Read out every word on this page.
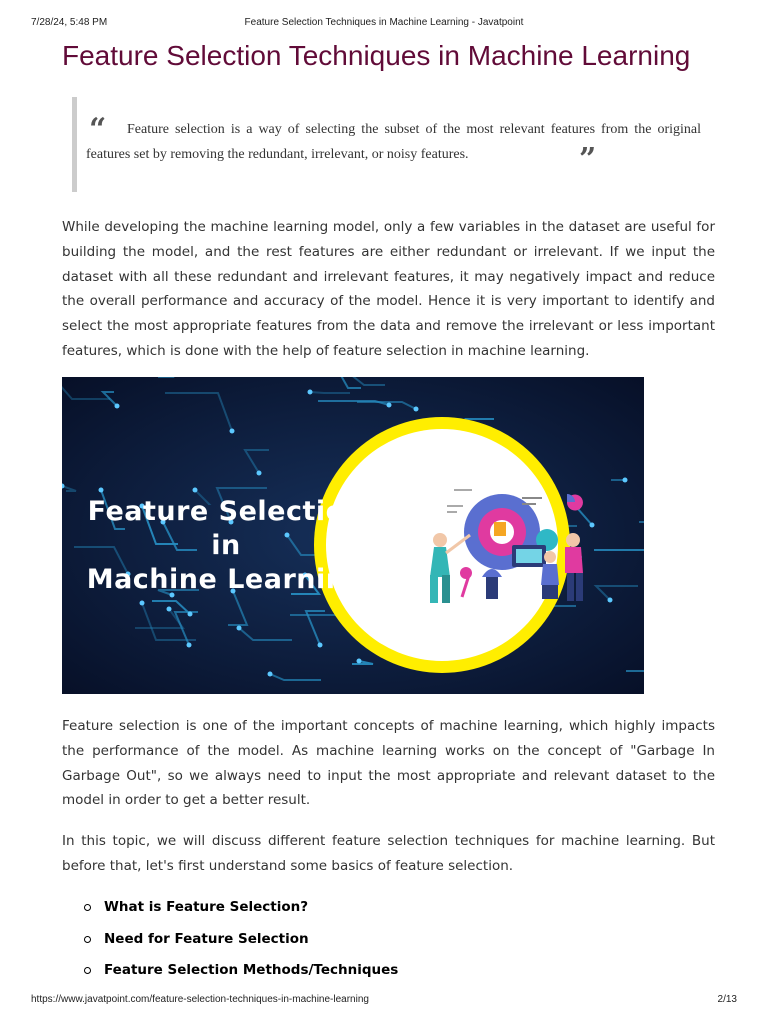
7/28/24, 5:48 PM	Feature Selection Techniques in Machine Learning - Javatpoint
Feature Selection Techniques in Machine Learning
“	Feature selection is a way of selecting the subset of the most relevant features from the original features set by removing the redundant, irrelevant, or noisy features.	”

While developing the machine learning model, only a few variables in the dataset are useful for building the model, and the rest features are either redundant or irrelevant. If we input the dataset with all these redundant and irrelevant features, it may negatively impact and reduce the overall performance and accuracy of the model. Hence it is very important to identify and select the most appropriate features from the data and remove the irrelevant or less important features, which is done with the help of feature selection in machine learning.

Feature Selection
in
Machine Learning

Feature selection is one of the important concepts of machine learning, which highly impacts the performance of the model. As machine learning works on the concept of "Garbage In Garbage Out", so we always need to input the most appropriate and relevant dataset to the model in order to get a better result.

In this topic, we will discuss different feature selection techniques for machine learning. But before that, let's first understand some basics of feature selection.

What is Feature Selection?
Need for Feature Selection
Feature Selection Methods/Techniques
https://www.javatpoint.com/feature-selection-techniques-in-machine-learning	2/13
